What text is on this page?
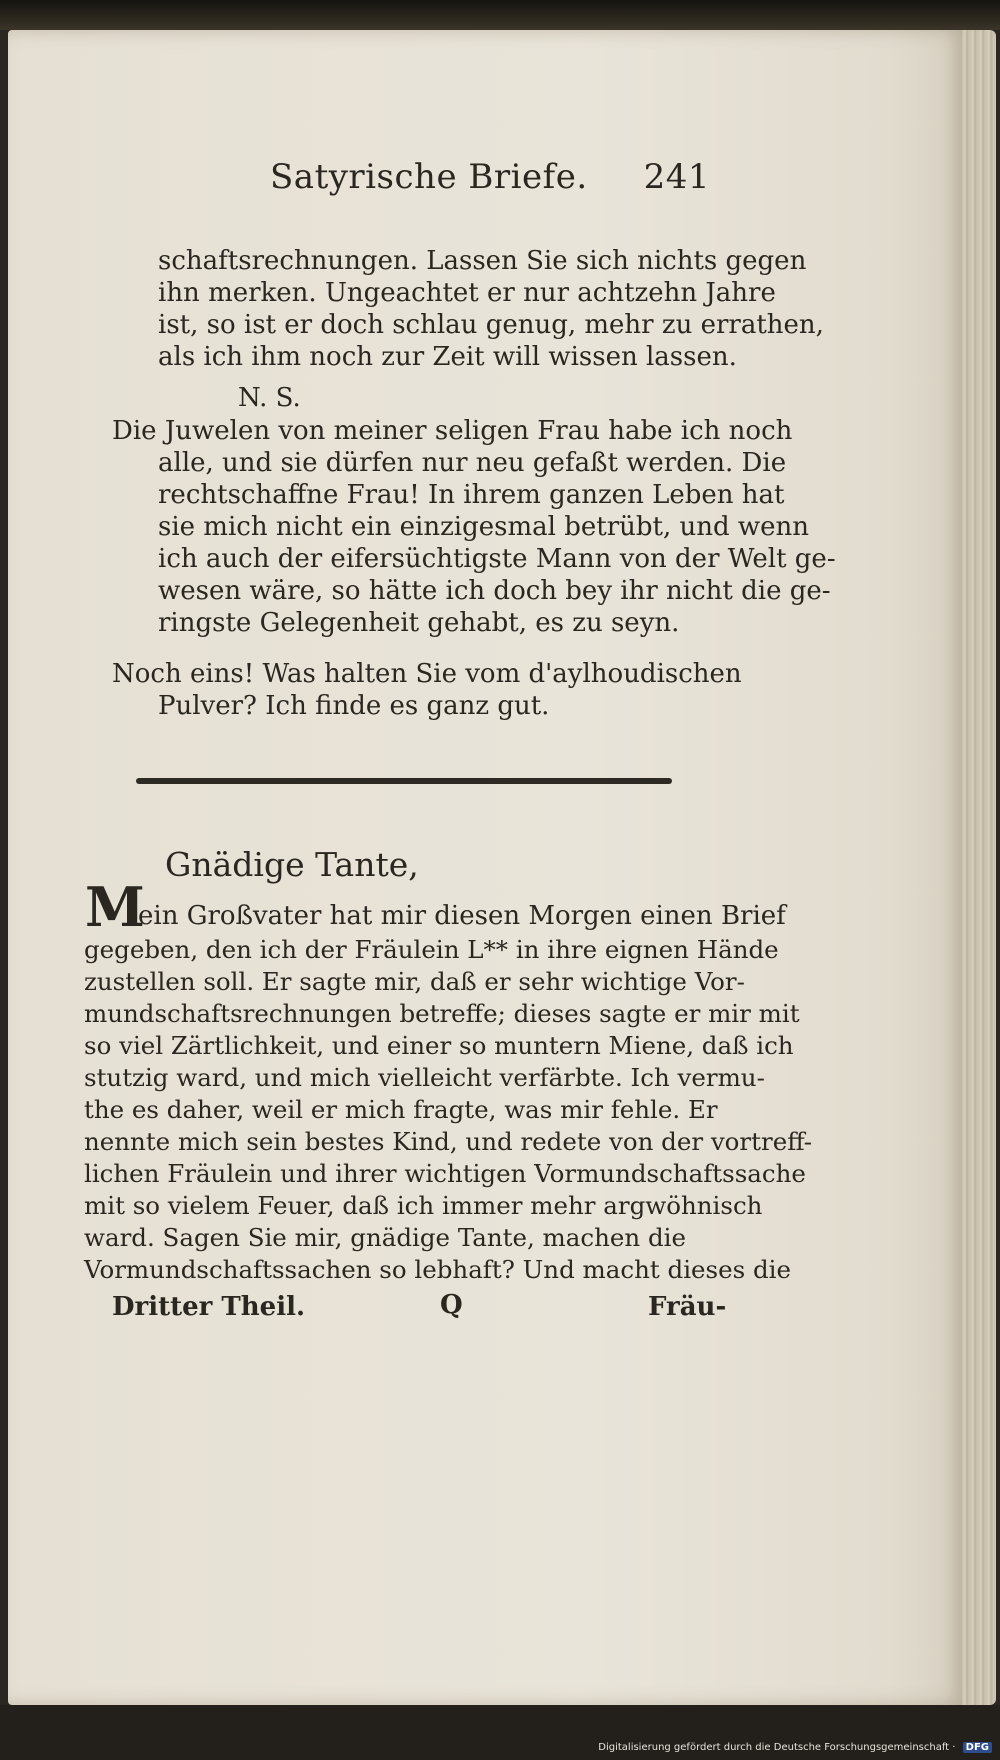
Satyrische Briefe. 241
schaftsrechnungen. Lassen Sie sich nichts gegen
ihn merken. Ungeachtet er nur achtzehn Jahre
ist, so ist er doch schlau genug, mehr zu errathen,
als ich ihm noch zur Zeit will wissen lassen.
N. S.
Die Juwelen von meiner seligen Frau habe ich noch
alle, und sie dürfen nur neu gefaßt werden. Die
rechtschaffne Frau! In ihrem ganzen Leben hat
sie mich nicht ein einzigesmal betrübt, und wenn
ich auch der eifersüchtigste Mann von der Welt ge-
wesen wäre, so hätte ich doch bey ihr nicht die ge-
ringste Gelegenheit gehabt, es zu seyn.
Noch eins! Was halten Sie vom d'aylhoudischen
Pulver? Ich finde es ganz gut.
Gnädige Tante,
M
ein Großvater hat mir diesen Morgen einen Brief
gegeben, den ich der Fräulein L** in ihre eignen Hände
zustellen soll. Er sagte mir, daß er sehr wichtige Vor-
mundschaftsrechnungen betreffe; dieses sagte er mir mit
so viel Zärtlichkeit, und einer so muntern Miene, daß ich
stutzig ward, und mich vielleicht verfärbte. Ich vermu-
the es daher, weil er mich fragte, was mir fehle. Er
nennte mich sein bestes Kind, und redete von der vortreff-
lichen Fräulein und ihrer wichtigen Vormundschaftssache
mit so vielem Feuer, daß ich immer mehr argwöhnisch
ward. Sagen Sie mir, gnädige Tante, machen die
Vormundschaftssachen so lebhaft? Und macht dieses die
Dritter Theil.	Q	Fräu-
Digitalisierung gefördert durch die Deutsche Forschungsgemeinschaft · DFG
